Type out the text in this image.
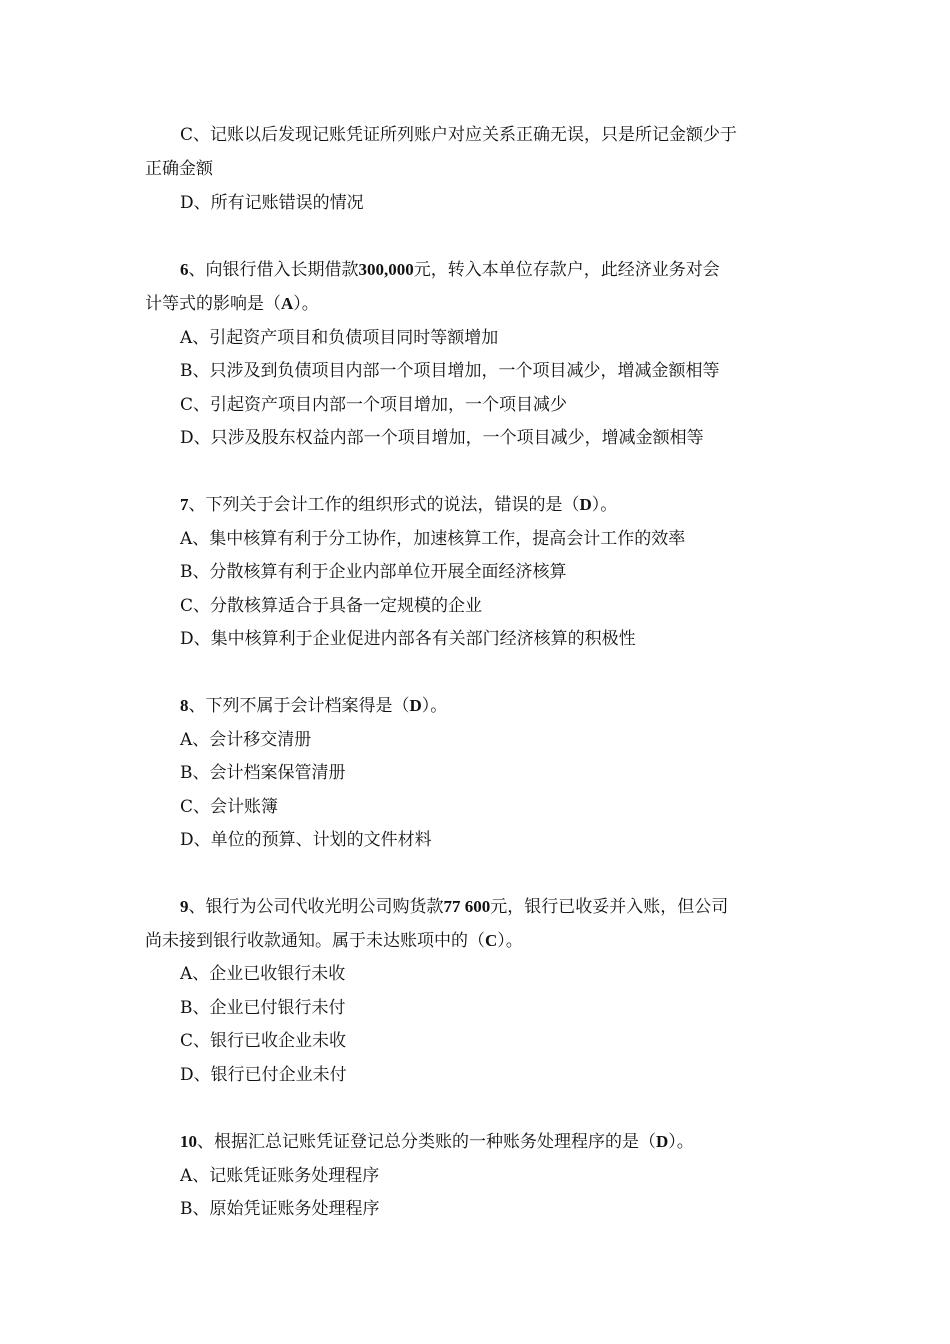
C、记账以后发现记账凭证所列账户对应关系正确无误，只是所记金额少于
正确金额
D、所有记账错误的情况
6、向银行借入长期借款300,000元，转入本单位存款户，此经济业务对会
计等式的影响是（A）。
A、引起资产项目和负债项目同时等额增加
B、只涉及到负债项目内部一个项目增加，一个项目减少，增减金额相等
C、引起资产项目内部一个项目增加，一个项目减少
D、只涉及股东权益内部一个项目增加，一个项目减少，增减金额相等
7、下列关于会计工作的组织形式的说法，错误的是（D）。
A、集中核算有利于分工协作，加速核算工作，提高会计工作的效率
B、分散核算有利于企业内部单位开展全面经济核算
C、分散核算适合于具备一定规模的企业
D、集中核算利于企业促进内部各有关部门经济核算的积极性
8、下列不属于会计档案得是（D）。
A、会计移交清册
B、会计档案保管清册
C、会计账簿
D、单位的预算、计划的文件材料
9、银行为公司代收光明公司购货款77 600元，银行已收妥并入账，但公司
尚未接到银行收款通知。属于未达账项中的（C）。
A、企业已收银行未收
B、企业已付银行未付
C、银行已收企业未收
D、银行已付企业未付
10、根据汇总记账凭证登记总分类账的一种账务处理程序的是（D）。
A、记账凭证账务处理程序
B、原始凭证账务处理程序
